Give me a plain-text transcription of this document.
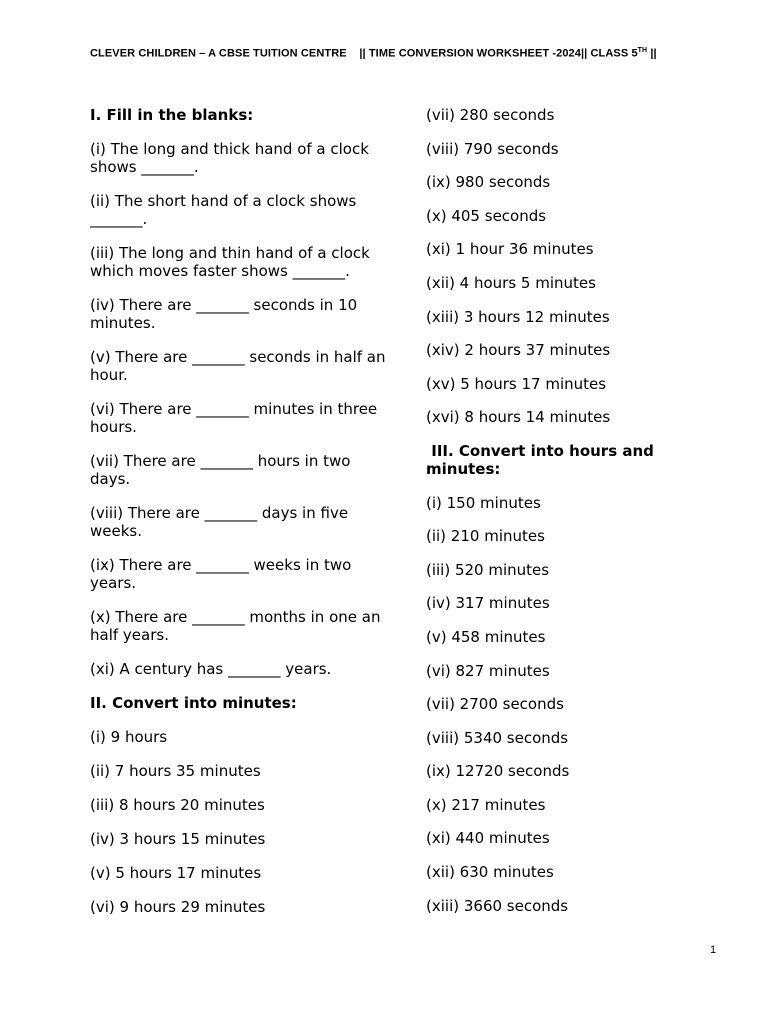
CLEVER CHILDREN – A CBSE TUITION CENTRE || TIME CONVERSION WORKSHEET -2024|| CLASS 5TH ||
I. Fill in the blanks:
(i) The long and thick hand of a clock shows _______.
(ii) The short hand of a clock shows _______.
(iii) The long and thin hand of a clock which moves faster shows _______.
(iv) There are _______ seconds in 10 minutes.
(v) There are _______ seconds in half an hour.
(vi) There are _______ minutes in three hours.
(vii) There are _______ hours in two days.
(viii) There are _______ days in five weeks.
(ix) There are _______ weeks in two years.
(x) There are _______ months in one an half years.
(xi) A century has _______ years.
II. Convert into minutes:
(i) 9 hours
(ii) 7 hours 35 minutes
(iii) 8 hours 20 minutes
(iv) 3 hours 15 minutes
(v) 5 hours 17 minutes
(vi) 9 hours 29 minutes
(vii) 280 seconds
(viii) 790 seconds
(ix) 980 seconds
(x) 405 seconds
(xi) 1 hour 36 minutes
(xii) 4 hours 5 minutes
(xiii) 3 hours 12 minutes
(xiv) 2 hours 37 minutes
(xv) 5 hours 17 minutes
(xvi) 8 hours 14 minutes
III. Convert into hours and minutes:
(i) 150 minutes
(ii) 210 minutes
(iii) 520 minutes
(iv) 317 minutes
(v) 458 minutes
(vi) 827 minutes
(vii) 2700 seconds
(viii) 5340 seconds
(ix) 12720 seconds
(x) 217 minutes
(xi) 440 minutes
(xii) 630 minutes
(xiii) 3660 seconds
1
